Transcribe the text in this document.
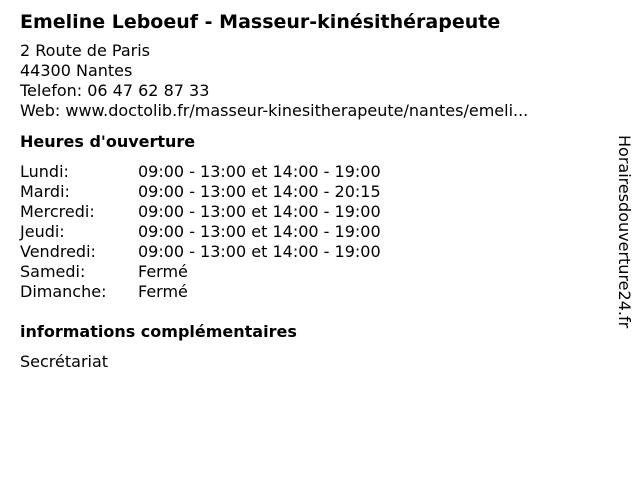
Emeline Leboeuf - Masseur-kinésithérapeute
2 Route de Paris
44300 Nantes
Telefon: 06 47 62 87 33
Web: www.doctolib.fr/masseur-kinesitherapeute/nantes/emeli...
Heures d'ouverture
Lundi:	09:00 - 13:00 et 14:00 - 19:00
Mardi:	09:00 - 13:00 et 14:00 - 20:15
Mercredi:	09:00 - 13:00 et 14:00 - 19:00
Jeudi:	09:00 - 13:00 et 14:00 - 19:00
Vendredi:	09:00 - 13:00 et 14:00 - 19:00
Samedi:	Fermé
Dimanche:	Fermé
informations complémentaires
Secrétariat
Horairesdouverture24.fr
